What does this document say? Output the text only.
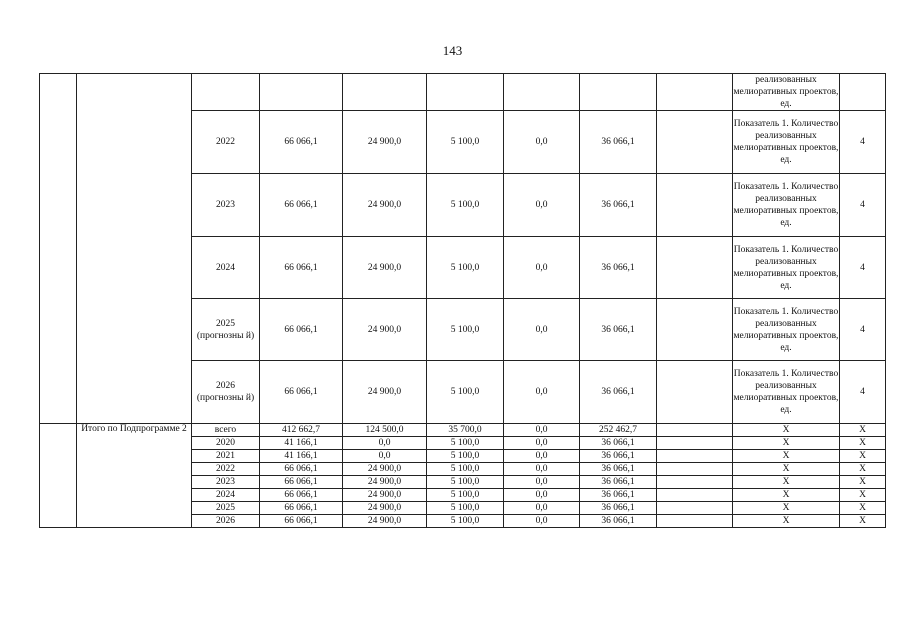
143
									реализованных мелиоративных проектов, ед.	
		2022	66 066,1	24 900,0	5 100,0	0,0	36 066,1		Показатель 1. Количество реализованных мелиоративных проектов, ед.	4
		2023	66 066,1	24 900,0	5 100,0	0,0	36 066,1		Показатель 1. Количество реализованных мелиоративных проектов, ед.	4
		2024	66 066,1	24 900,0	5 100,0	0,0	36 066,1		Показатель 1. Количество реализованных мелиоративных проектов, ед.	4
		2025 (прогнозны й)	66 066,1	24 900,0	5 100,0	0,0	36 066,1		Показатель 1. Количество реализованных мелиоративных проектов, ед.	4
		2026 (прогнозны й)	66 066,1	24 900,0	5 100,0	0,0	36 066,1		Показатель 1. Количество реализованных мелиоративных проектов, ед.	4
	Итого по Подпрограмме 2	всего	412 662,7	124 500,0	35 700,0	0,0	252 462,7		X	X
		2020	41 166,1	0,0	5 100,0	0,0	36 066,1		X	X
		2021	41 166,1	0,0	5 100,0	0,0	36 066,1		X	X
		2022	66 066,1	24 900,0	5 100,0	0,0	36 066,1		X	X
		2023	66 066,1	24 900,0	5 100,0	0,0	36 066,1		X	X
		2024	66 066,1	24 900,0	5 100,0	0,0	36 066,1		X	X
		2025	66 066,1	24 900,0	5 100,0	0,0	36 066,1		X	X
		2026	66 066,1	24 900,0	5 100,0	0,0	36 066,1		X	X
